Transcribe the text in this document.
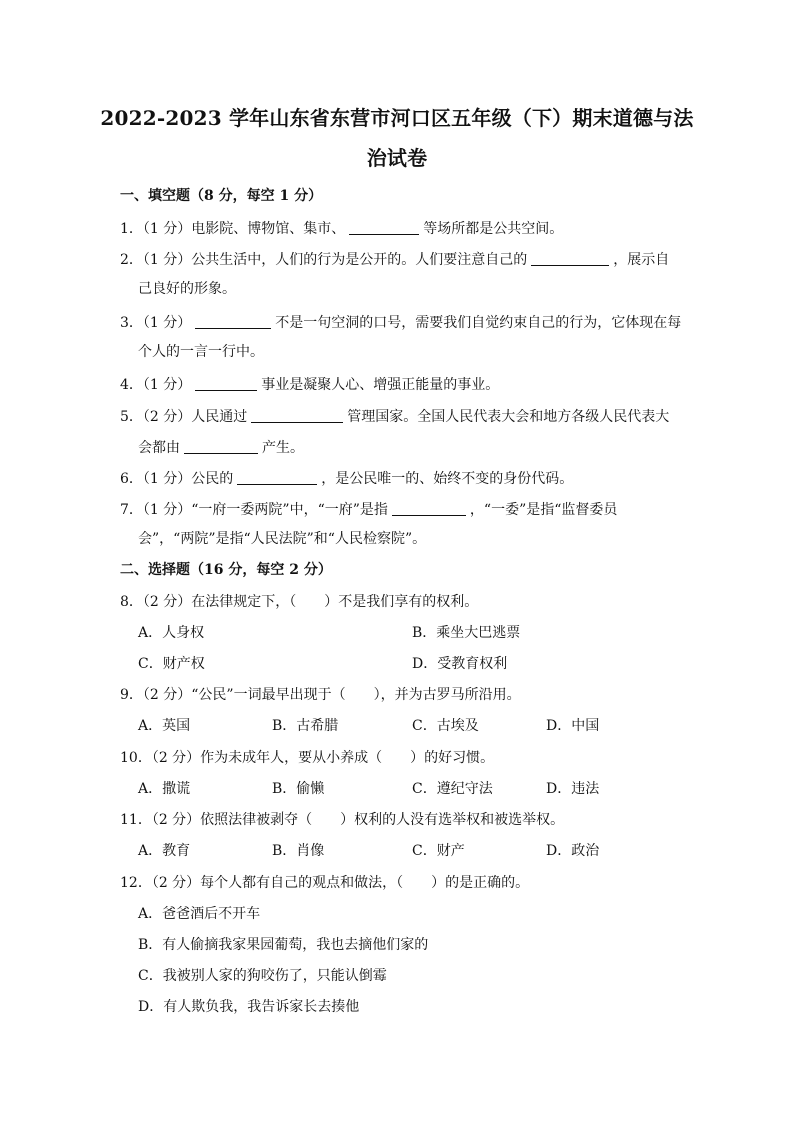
2022-2023 学年山东省东营市河口区五年级（下）期末道德与法
治试卷
一、填空题（8 分，每空 1 分）
1．（1 分）电影院、博物馆、集市、	等场所都是公共空间。
2．（1 分）公共生活中，人们的行为是公开的。人们要注意自己的	，展示自
己良好的形象。
3．（1 分）	不是一句空洞的口号，需要我们自觉约束自己的行为，它体现在每
个人的一言一行中。
4．（1 分）	事业是凝聚人心、增强正能量的事业。
5．（2 分）人民通过	管理国家。全国人民代表大会和地方各级人民代表大
会都由	产生。
6．（1 分）公民的	，是公民唯一的、始终不变的身份代码。
7．（1 分）“一府一委两院”中，“一府”是指	，“一委”是指“监督委员
会”，“两院”是指“人民法院”和“人民检察院”。
二、选择题（16 分，每空 2 分）
8．（2 分）在法律规定下，（　　）不是我们享有的权利。
A．人身权	B．乘坐大巴逃票
C．财产权	D．受教育权利
9．（2 分）“公民”一词最早出现于（　　），并为古罗马所沿用。
A．英国	B．古希腊	C．古埃及	D．中国
10．（2 分）作为未成年人，要从小养成（　　）的好习惯。
A．撒谎	B．偷懒	C．遵纪守法	D．违法
11．（2 分）依照法律被剥夺（　　）权利的人没有选举权和被选举权。
A．教育	B．肖像	C．财产	D．政治
12．（2 分）每个人都有自己的观点和做法，（　　）的是正确的。
A．爸爸酒后不开车
B．有人偷摘我家果园葡萄，我也去摘他们家的
C．我被别人家的狗咬伤了，只能认倒霉
D．有人欺负我，我告诉家长去揍他
